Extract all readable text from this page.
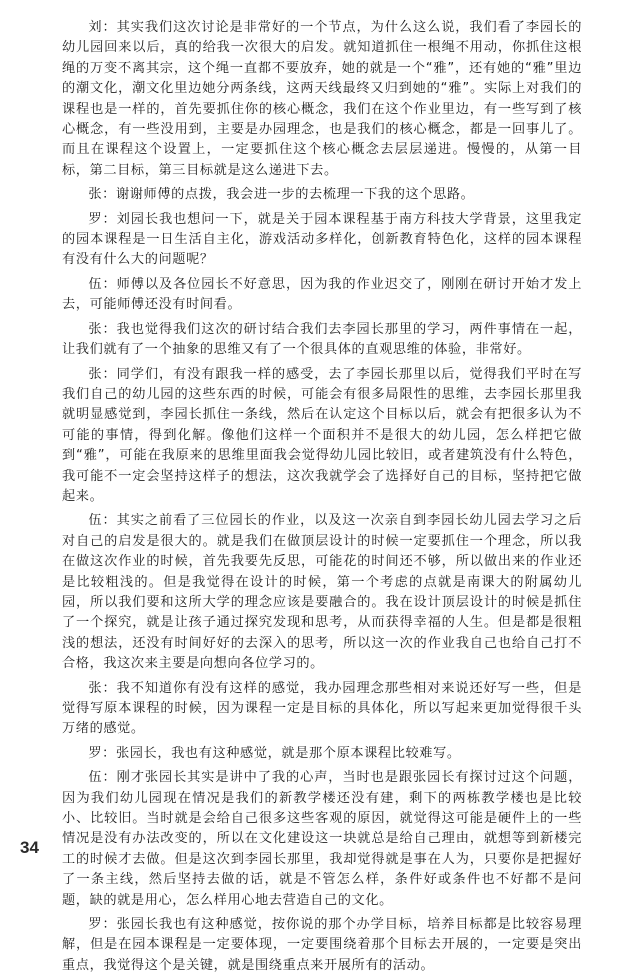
刘：其实我们这次讨论是非常好的一个节点，为什么这么说，我们看了李园长的幼儿园回来以后，真的给我一次很大的启发。就知道抓住一根绳不用动，你抓住这根绳的万变不离其宗，这个绳一直都不要放弃，她的就是一个“雅”，还有她的“雅”里边的潮文化，潮文化里边她分两条线，这两天线最终又归到她的“雅”。实际上对我们的课程也是一样的，首先要抓住你的核心概念，我们在这个作业里边，有一些写到了核心概念，有一些没用到，主要是办园理念，也是我们的核心概念，都是一回事儿了。而且在课程这个设置上，一定要抓住这个核心概念去层层递进。慢慢的，从第一目标，第二目标，第三目标就是这么递进下去。

张：谢谢师傅的点拨，我会进一步的去梳理一下我的这个思路。

罗：刘园长我也想问一下，就是关于园本课程基于南方科技大学背景，这里我定的园本课程是一日生活自主化，游戏活动多样化，创新教育特色化，这样的园本课程有没有什么大的问题呢？

伍：师傅以及各位园长不好意思，因为我的作业迟交了，刚刚在研讨开始才发上去，可能师傅还没有时间看。

张：我也觉得我们这次的研讨结合我们去李园长那里的学习，两件事情在一起，让我们就有了一个抽象的思维又有了一个很具体的直观思维的体验，非常好。

张：同学们，有没有跟我一样的感受，去了李园长那里以后，觉得我们平时在写我们自己的幼儿园的这些东西的时候，可能会有很多局限性的思维，去李园长那里我就明显感觉到，李园长抓住一条线，然后在认定这个目标以后，就会有把很多认为不可能的事情，得到化解。像他们这样一个面积并不是很大的幼儿园，怎么样把它做到“雅”，可能在我原来的思维里面我会觉得幼儿园比较旧，或者建筑没有什么特色，我可能不一定会坚持这样子的想法，这次我就学会了选择好自己的目标，坚持把它做起来。

伍：其实之前看了三位园长的作业，以及这一次亲自到李园长幼儿园去学习之后对自己的启发是很大的。就是我们在做顶层设计的时候一定要抓住一个理念，所以我在做这次作业的时候，首先我要先反思，可能花的时间还不够，所以做出来的作业还是比较粗浅的。但是我觉得在设计的时候，第一个考虑的点就是南课大的附属幼儿园，所以我们要和这所大学的理念应该是要融合的。我在设计顶层设计的时候是抓住了一个探究，就是让孩子通过探究发现和思考，从而获得幸福的人生。但是都是很粗浅的想法，还没有时间好好的去深入的思考，所以这一次的作业我自己也给自己打不合格，我这次来主要是向想向各位学习的。

张：我不知道你有没有这样的感觉，我办园理念那些相对来说还好写一些，但是觉得写原本课程的时候，因为课程一定是目标的具体化，所以写起来更加觉得很千头万绪的感觉。

罗：张园长，我也有这种感觉，就是那个原本课程比较难写。

伍：刚才张园长其实是讲中了我的心声，当时也是跟张园长有探讨过这个问题，因为我们幼儿园现在情况是我们的新教学楼还没有建，剩下的两栋教学楼也是比较小、比较旧。当时就是会给自己很多这些客观的原因，就觉得这可能是硬件上的一些情况是没有办法改变的，所以在文化建设这一块就总是给自己理由，就想等到新楼完工的时候才去做。但是这次到李园长那里，我却觉得就是事在人为，只要你是把握好了一条主线，然后坚持去做的话，就是不管怎么样，条件好或条件也不好都不是问题，缺的就是用心，怎么样用心地去营造自己的文化。

罗：张园长我也有这种感觉，按你说的那个办学目标，培养目标都是比较容易理解，但是在园本课程是一定要体现，一定要围绕着那个目标去开展的，一定要是突出重点，我觉得这个是关键，就是围绕重点来开展所有的活动。

34
